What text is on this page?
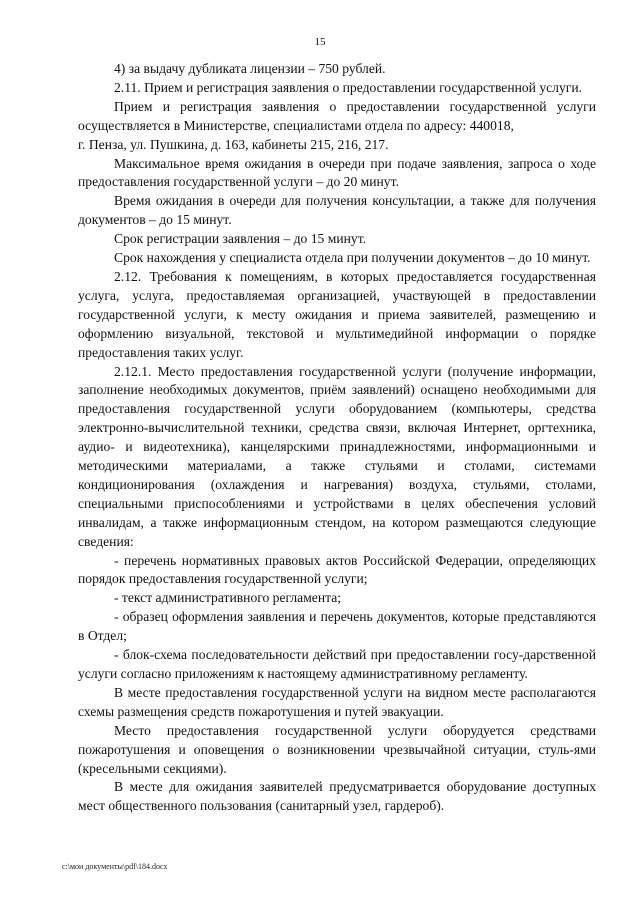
15

4) за выдачу дубликата лицензии – 750 рублей.

2.11. Прием и регистрация заявления о предоставлении государственной услуги.

Прием и регистрация заявления о предоставлении государственной услуги осуществляется в Министерстве, специалистами отдела по адресу: 440018,

г. Пенза, ул. Пушкина, д. 163, кабинеты 215, 216, 217.

Максимальное время ожидания в очереди при подаче заявления, запроса о ходе предоставления государственной услуги – до 20 минут.

Время ожидания в очереди для получения консультации, а также для получения документов – до 15 минут.

Срок регистрации заявления – до 15 минут.

Срок нахождения у специалиста отдела при получении документов – до 10 минут.

2.12. Требования к помещениям, в которых предоставляется государственная услуга, услуга, предоставляемая организацией, участвующей в предоставлении государственной услуги, к месту ожидания и приема заявителей, размещению и оформлению визуальной, текстовой и мультимедийной информации о порядке предоставления таких услуг.

2.12.1. Место предоставления государственной услуги (получение информации, заполнение необходимых документов, приём заявлений) оснащено необходимыми для предоставления государственной услуги оборудованием (компьютеры, средства электронно-вычислительной техники, средства связи, включая Интернет, оргтехника, аудио- и видеотехника), канцелярскими принадлежностями, информационными и методическими материалами, а также стульями и столами, системами кондиционирования (охлаждения и нагревания) воздуха, стульями, столами, специальными приспособлениями и устройствами в целях обеспечения условий инвалидам, а также информационным стендом, на котором размещаются следующие сведения:

- перечень нормативных правовых актов Российской Федерации, определяющих порядок предоставления государственной услуги;

- текст административного регламента;

- образец оформления заявления и перечень документов, которые представляются в Отдел;

- блок-схема последовательности действий при предоставлении госу-дарственной услуги согласно приложениям к настоящему административному регламенту.

В месте предоставления государственной услуги на видном месте располагаются схемы размещения средств пожаротушения и путей эвакуации.

Место предоставления государственной услуги оборудуется средствами пожаротушения и оповещения о возникновении чрезвычайной ситуации, стуль-ями (кресельными секциями).

В месте для ожидания заявителей предусматривается оборудование доступных мест общественного пользования (санитарный узел, гардероб).

c:\мои документы\pdf\184.docx
